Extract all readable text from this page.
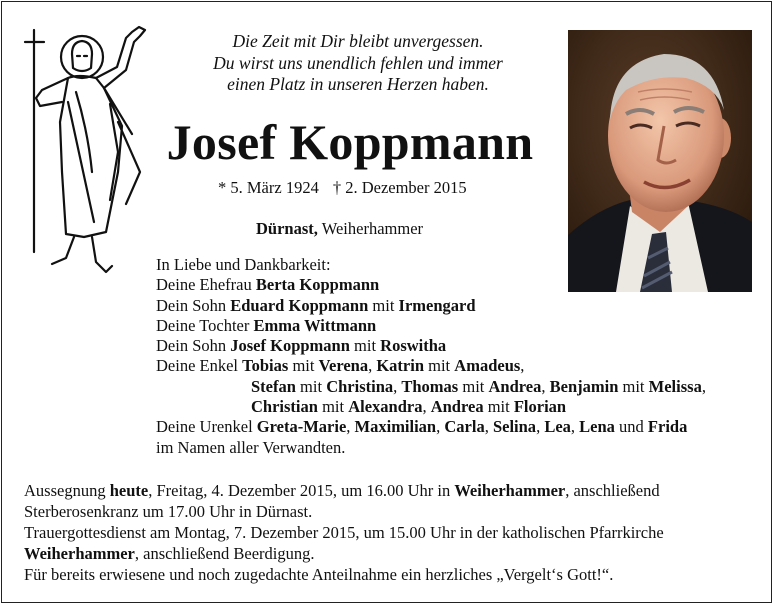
Die Zeit mit Dir bleibt unvergessen.
Du wirst uns unendlich fehlen und immer
einen Platz in unseren Herzen haben.
Josef Koppmann
* 5. März 1924 † 2. Dezember 2015
Dürnast, Weiherhammer
In Liebe und Dankbarkeit:
Deine Ehefrau Berta Koppmann
Dein Sohn Eduard Koppmann mit Irmengard
Deine Tochter Emma Wittmann
Dein Sohn Josef Koppmann mit Roswitha
Deine Enkel Tobias mit Verena, Katrin mit Amadeus,
Stefan mit Christina, Thomas mit Andrea, Benjamin mit Melissa,
Christian mit Alexandra, Andrea mit Florian
Deine Urenkel Greta-Marie, Maximilian, Carla, Selina, Lea, Lena und Frida
im Namen aller Verwandten.
Aussegnung heute, Freitag, 4. Dezember 2015, um 16.00 Uhr in Weiherhammer, anschließend
Sterberosenkranz um 17.00 Uhr in Dürnast.
Trauergottesdienst am Montag, 7. Dezember 2015, um 15.00 Uhr in der katholischen Pfarrkirche
Weiherhammer, anschließend Beerdigung.
Für bereits erwiesene und noch zugedachte Anteilnahme ein herzliches „Vergelt‘s Gott!“.
